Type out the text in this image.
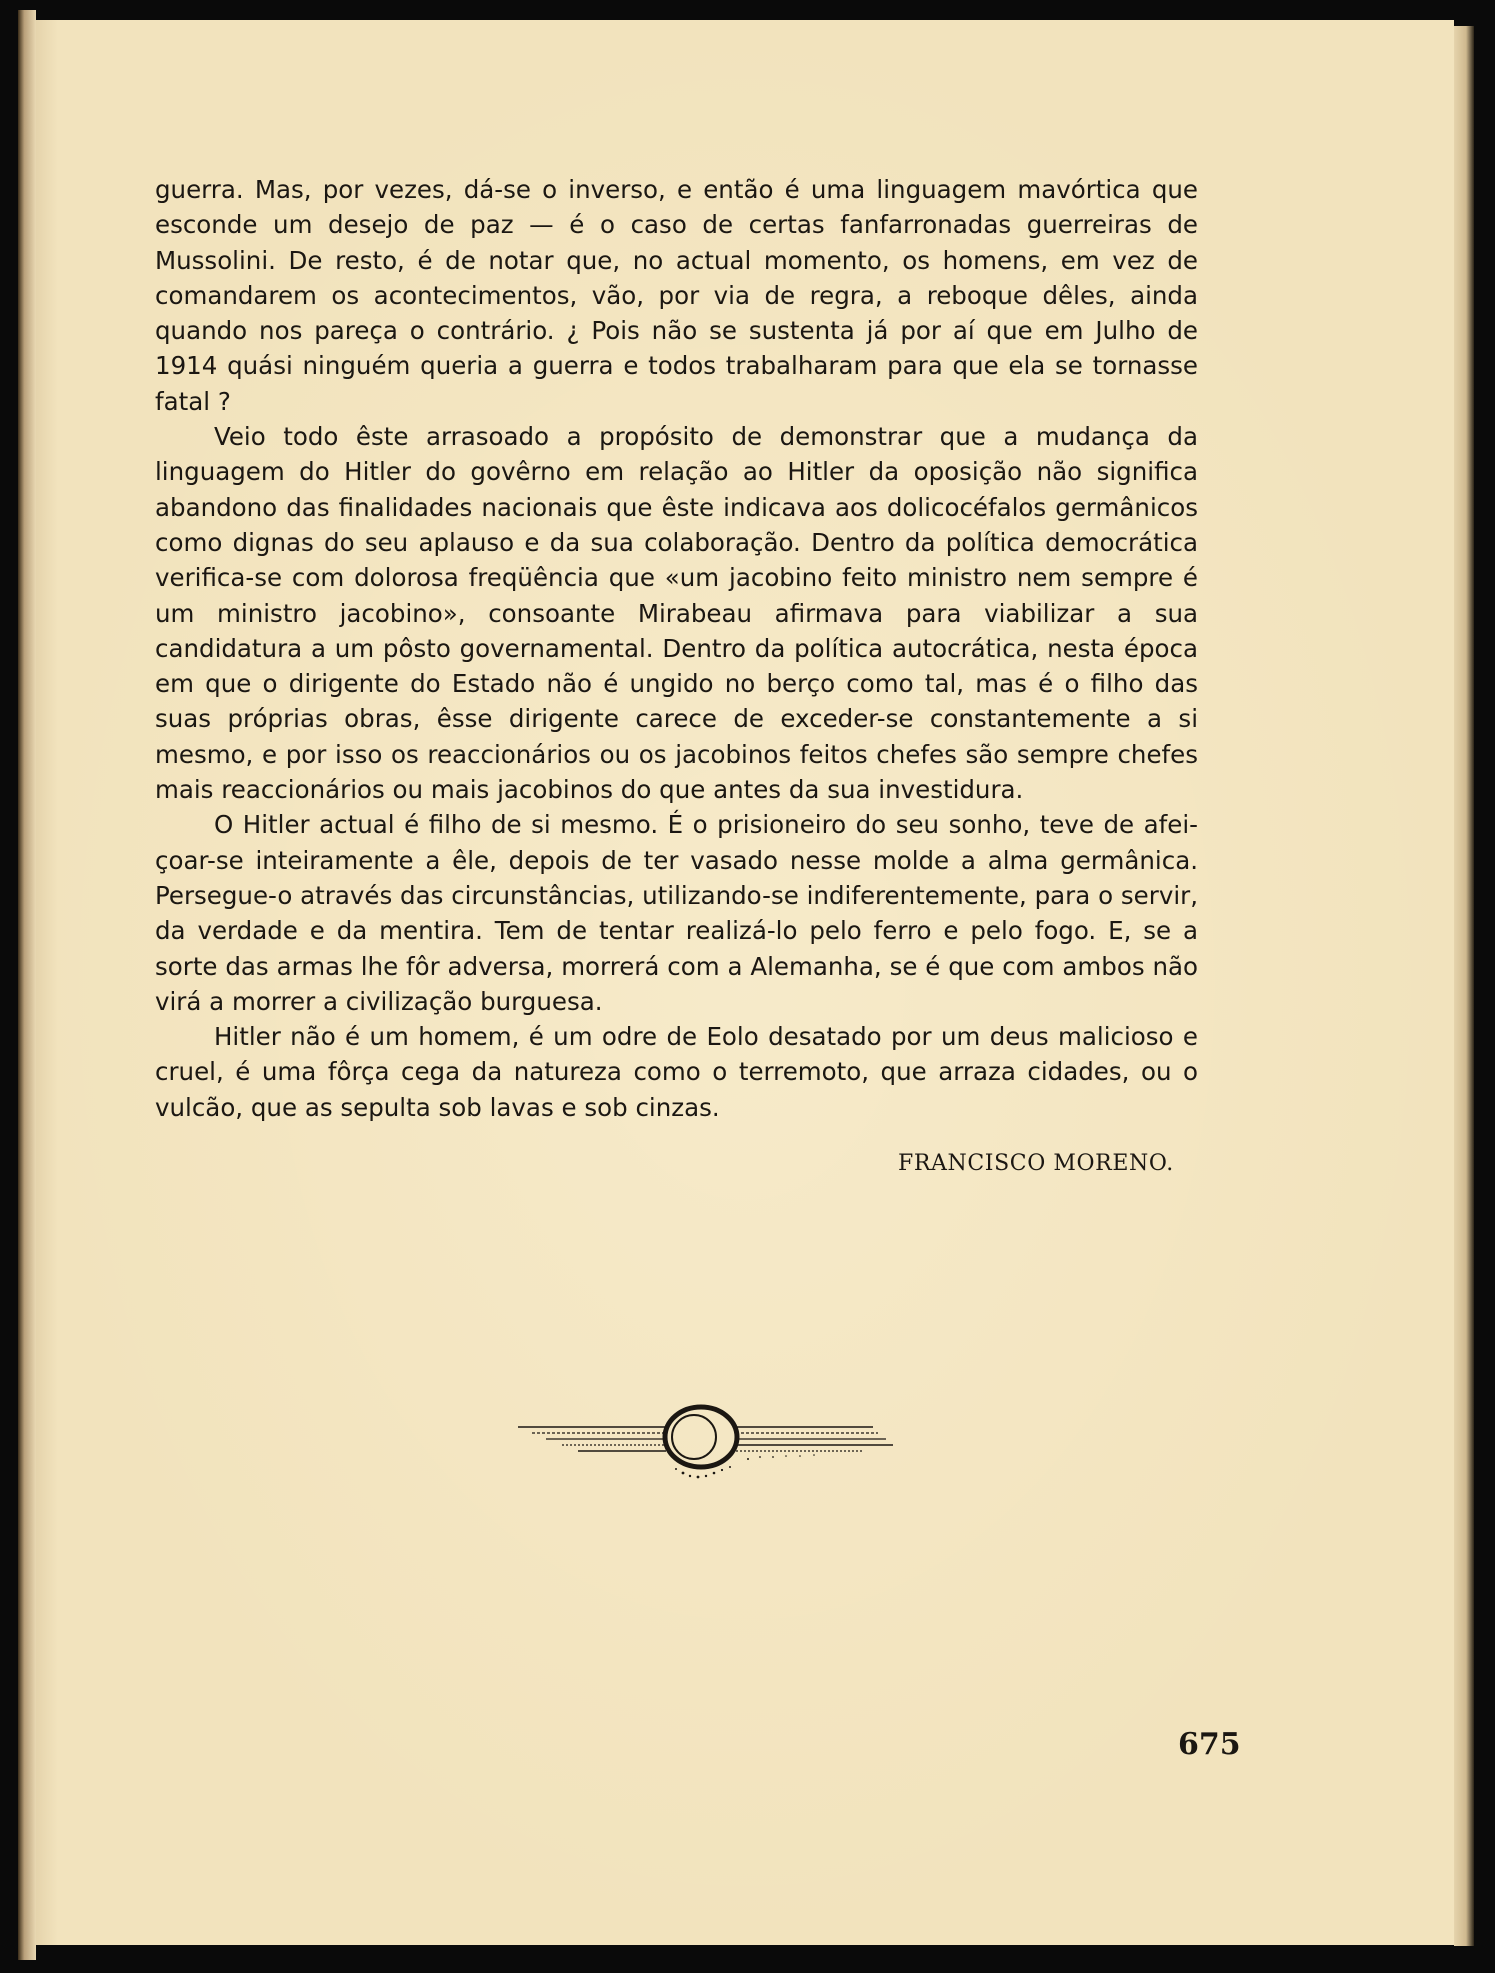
guerra. Mas, por vezes, dá-se o inverso, e então é uma linguagem mavórtica que esconde um desejo de paz — é o caso de certas fanfarronadas guerreiras de Mussolini. De resto, é de notar que, no actual momento, os homens, em vez de comandarem os acontecimentos, vão, por via de regra, a reboque dêles, ainda quando nos pareça o contrário. ¿ Pois não se sustenta já por aí que em Julho de 1914 quási ninguém queria a guerra e todos trabalharam para que ela se tornasse fatal ?

Veio todo êste arrasoado a propósito de demonstrar que a mudança da linguagem do Hitler do govêrno em relação ao Hitler da oposição não significa abandono das finalidades nacionais que êste indicava aos dolicocéfalos germânicos como dignas do seu aplauso e da sua colaboração. Dentro da política democrática verifica-se com dolorosa freqüência que «um jacobino feito ministro nem sempre é um ministro jacobino», consoante Mirabeau afirmava para viabilizar a sua candidatura a um pôsto governamental. Dentro da política autocrática, nesta época em que o dirigente do Estado não é ungido no berço como tal, mas é o filho das suas próprias obras, êsse dirigente carece de exceder-se constantemente a si mesmo, e por isso os reaccionários ou os jacobinos feitos chefes são sempre chefes mais reaccionários ou mais jacobinos do que antes da sua investidura.

O Hitler actual é filho de si mesmo. É o prisioneiro do seu sonho, teve de afeiçoar-se inteiramente a êle, depois de ter vasado nesse molde a alma germânica. Persegue-o através das circunstâncias, utilizando-se indiferentemente, para o servir, da verdade e da mentira. Tem de tentar realizá-lo pelo ferro e pelo fogo. E, se a sorte das armas lhe fôr adversa, morrerá com a Alemanha, se é que com ambos não virá a morrer a civilização burguesa.

Hitler não é um homem, é um odre de Eolo desatado por um deus malicioso e cruel, é uma fôrça cega da natureza como o terremoto, que arraza cidades, ou o vulcão, que as sepulta sob lavas e sob cinzas.

FRANCISCO MORENO.
675
